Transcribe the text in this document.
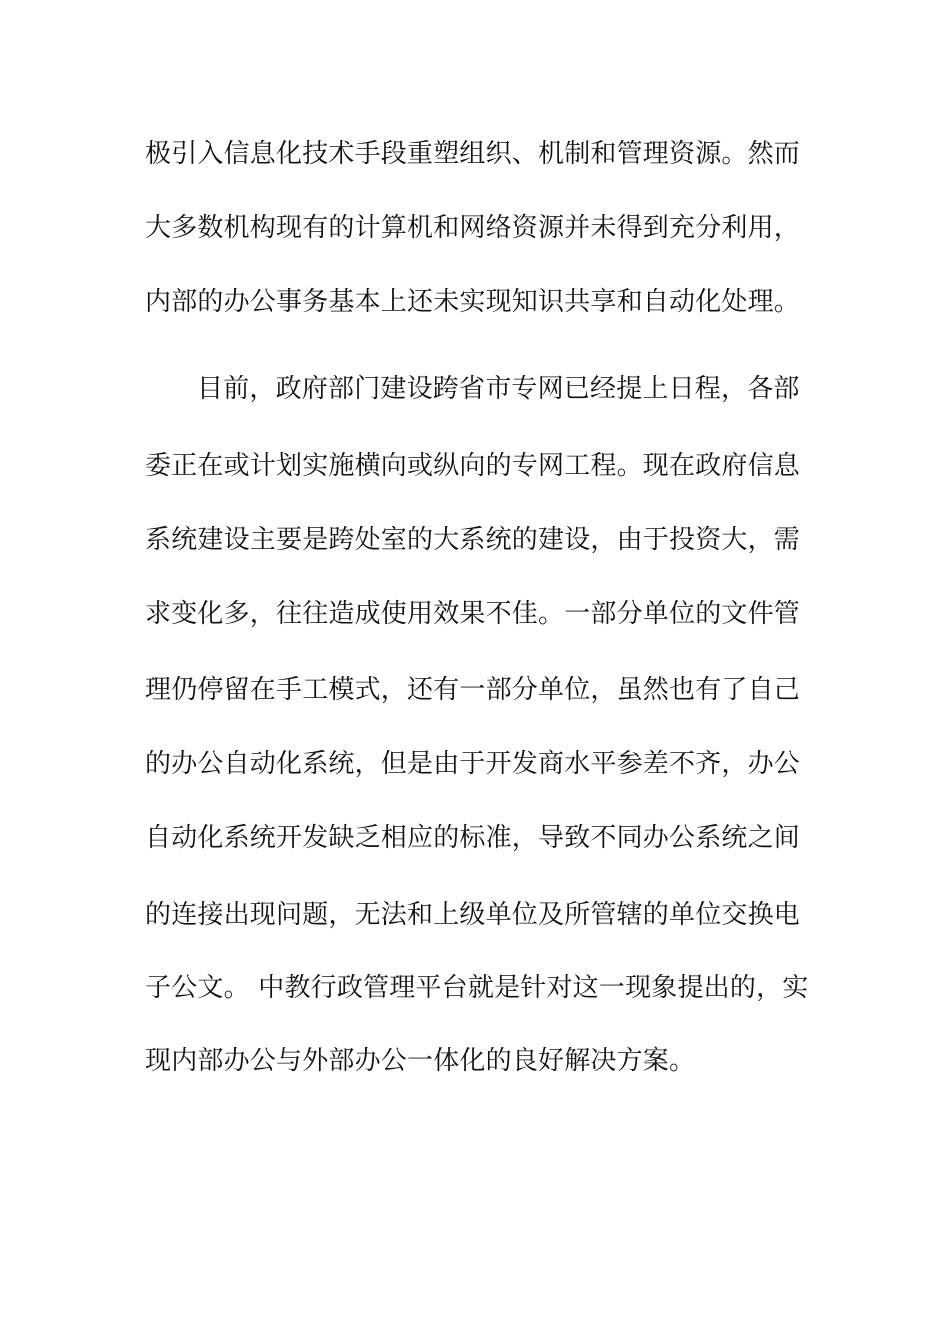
极引入信息化技术手段重塑组织、机制和管理资源。然而
大多数机构现有的计算机和网络资源并未得到充分利用，
内部的办公事务基本上还未实现知识共享和自动化处理。
目前，政府部门建设跨省市专网已经提上日程，各部
委正在或计划实施横向或纵向的专网工程。现在政府信息
系统建设主要是跨处室的大系统的建设，由于投资大，需
求变化多，往往造成使用效果不佳。一部分单位的文件管
理仍停留在手工模式，还有一部分单位，虽然也有了自己
的办公自动化系统，但是由于开发商水平参差不齐，办公
自动化系统开发缺乏相应的标准，导致不同办公系统之间
的连接出现问题，无法和上级单位及所管辖的单位交换电
子公文。 中教行政管理平台就是针对这一现象提出的，实
现内部办公与外部办公一体化的良好解决方案。
